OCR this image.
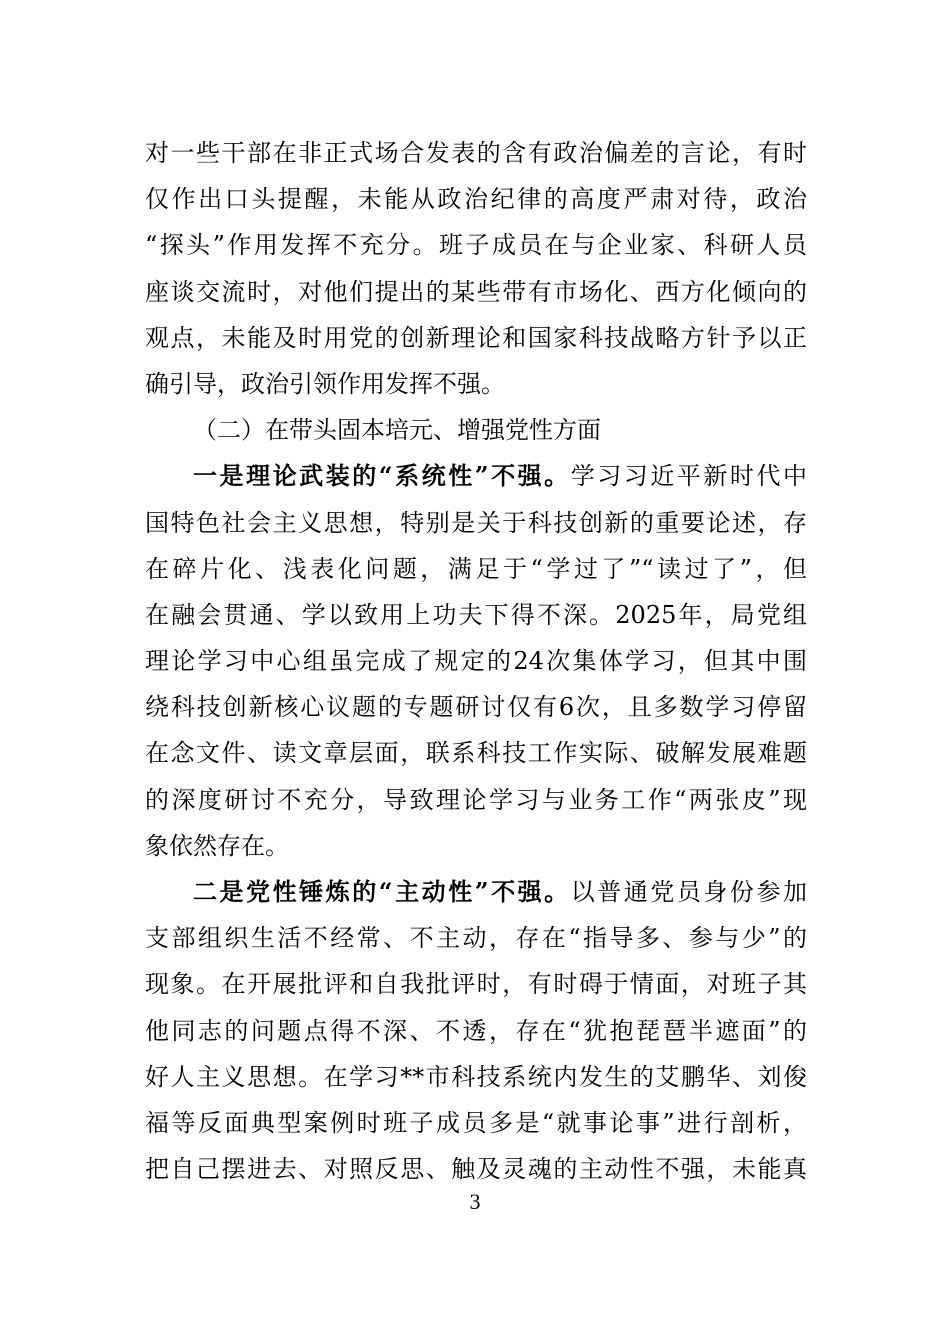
对一些干部在非正式场合发表的含有政治偏差的言论，有时
仅作出口头提醒，未能从政治纪律的高度严肃对待，政治
“探头”作用发挥不充分。班子成员在与企业家、科研人员
座谈交流时，对他们提出的某些带有市场化、西方化倾向的
观点，未能及时用党的创新理论和国家科技战略方针予以正
确引导，政治引领作用发挥不强。
（二）在带头固本培元、增强党性方面
一是理论武装的“系统性”不强。学习习近平新时代中
国特色社会主义思想，特别是关于科技创新的重要论述，存
在碎片化、浅表化问题，满足于“学过了”“读过了”，但
在融会贯通、学以致用上功夫下得不深。2025年，局党组
理论学习中心组虽完成了规定的24次集体学习，但其中围
绕科技创新核心议题的专题研讨仅有6次，且多数学习停留
在念文件、读文章层面，联系科技工作实际、破解发展难题
的深度研讨不充分，导致理论学习与业务工作“两张皮”现
象依然存在。
二是党性锤炼的“主动性”不强。以普通党员身份参加
支部组织生活不经常、不主动，存在“指导多、参与少”的
现象。在开展批评和自我批评时，有时碍于情面，对班子其
他同志的问题点得不深、不透，存在“犹抱琵琶半遮面”的
好人主义思想。在学习**市科技系统内发生的艾鹏华、刘俊
福等反面典型案例时班子成员多是“就事论事”进行剖析，
把自己摆进去、对照反思、触及灵魂的主动性不强，未能真
3
